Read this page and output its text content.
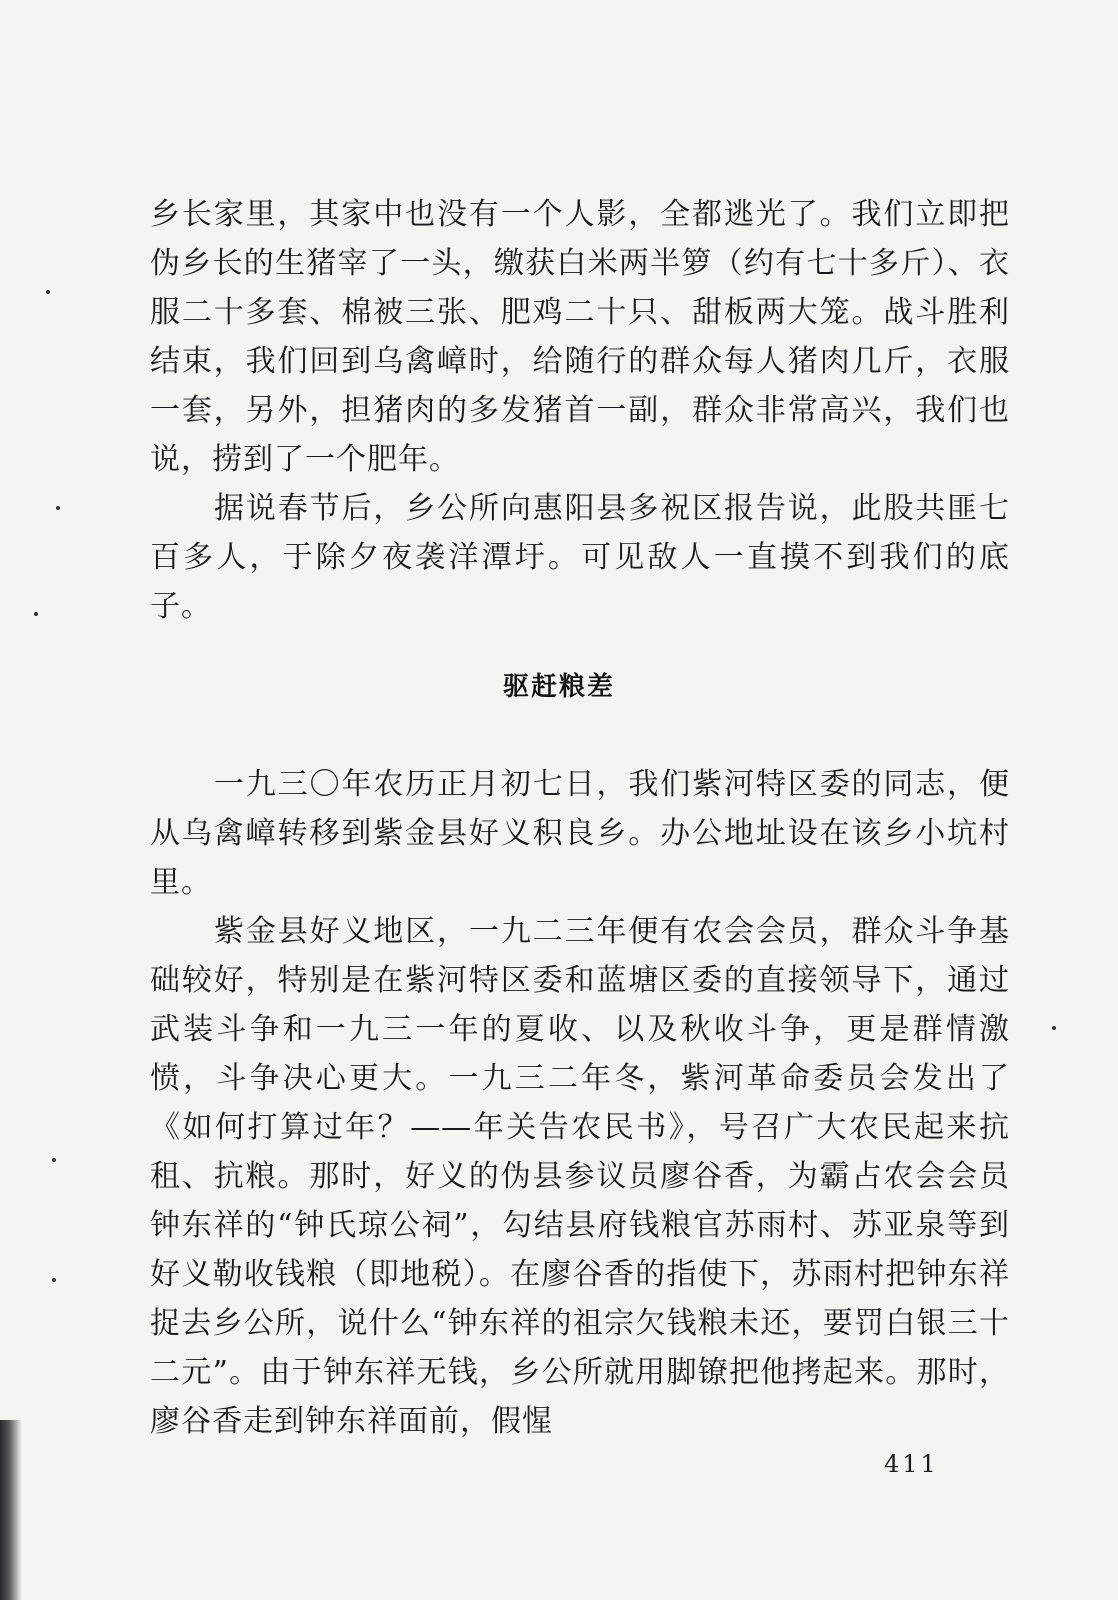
乡长家里，其家中也没有一个人影，全都逃光了。我们立即把伪乡长的生猪宰了一头，缴获白米两半箩（约有七十多斤）、衣服二十多套、棉被三张、肥鸡二十只、甜板两大笼。战斗胜利结束，我们回到乌禽嶂时，给随行的群众每人猪肉几斤，衣服一套，另外，担猪肉的多发猪首一副，群众非常高兴，我们也说，捞到了一个肥年。

据说春节后，乡公所向惠阳县多祝区报告说，此股共匪七百多人，于除夕夜袭洋潭圩。可见敌人一直摸不到我们的底子。

驱赶粮差

一九三〇年农历正月初七日，我们紫河特区委的同志，便从乌禽嶂转移到紫金县好义积良乡。办公地址设在该乡小坑村里。

紫金县好义地区，一九二三年便有农会会员，群众斗争基础较好，特别是在紫河特区委和蓝塘区委的直接领导下，通过武装斗争和一九三一年的夏收、以及秋收斗争，更是群情激愤，斗争决心更大。一九三二年冬，紫河革命委员会发出了《如何打算过年？——年关告农民书》，号召广大农民起来抗租、抗粮。那时，好义的伪县参议员廖谷香，为霸占农会会员钟东祥的“钟氏琼公祠”，勾结县府钱粮官苏雨村、苏亚泉等到好义勒收钱粮（即地税）。在廖谷香的指使下，苏雨村把钟东祥捉去乡公所，说什么“钟东祥的祖宗欠钱粮未还，要罚白银三十二元”。由于钟东祥无钱，乡公所就用脚镣把他拷起来。那时，廖谷香走到钟东祥面前，假惺

411
